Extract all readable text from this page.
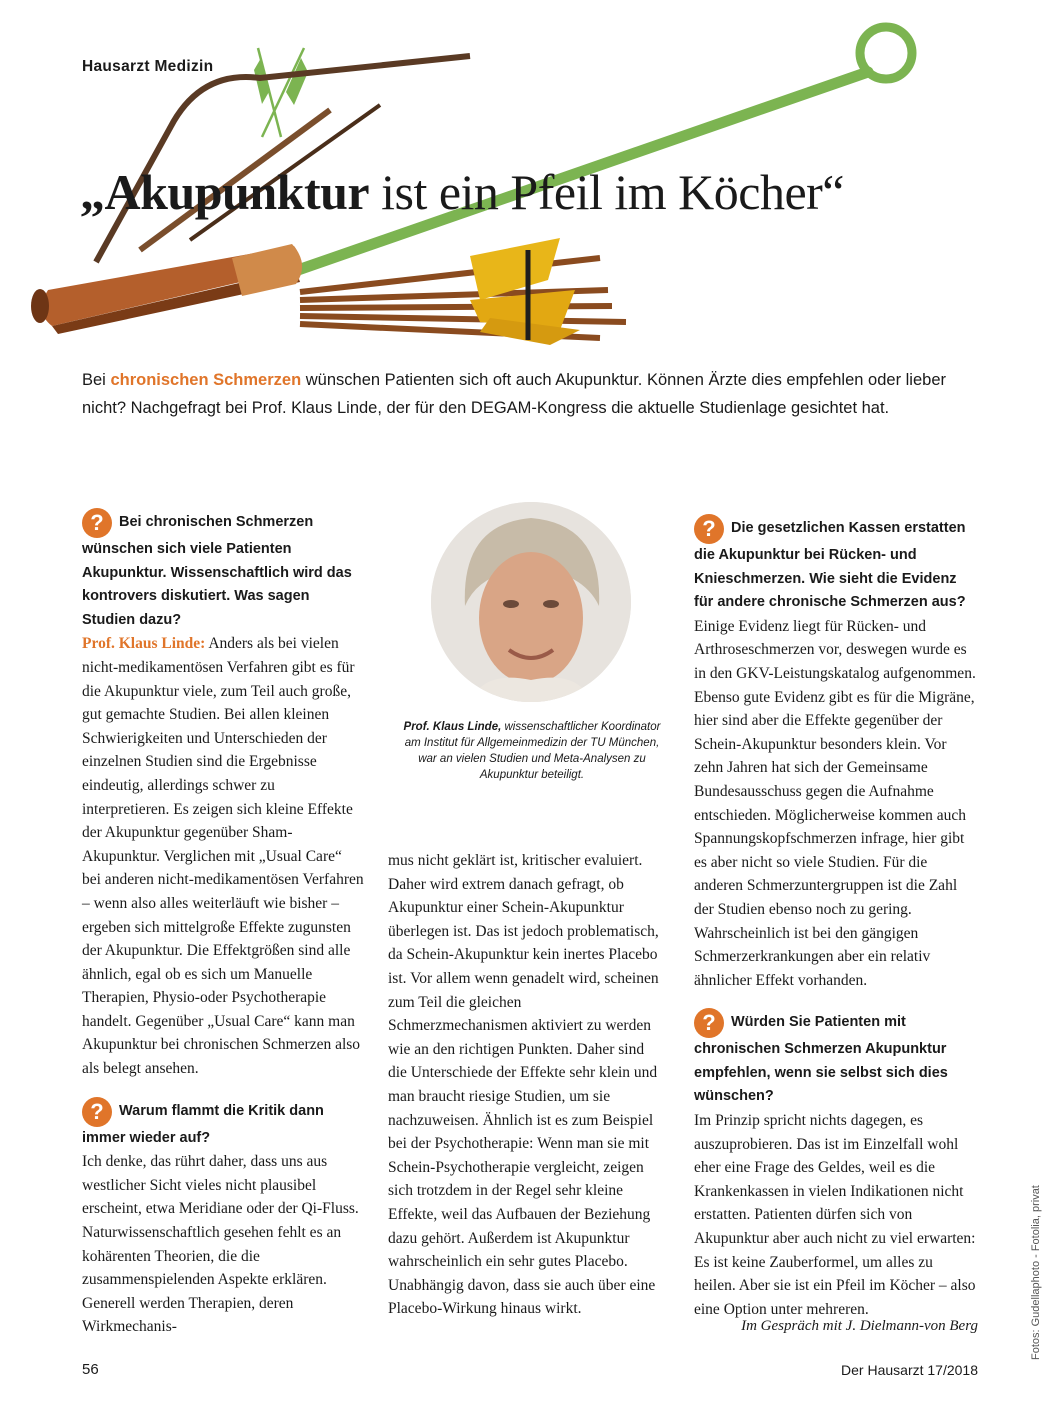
Hausarzt Medizin
„Akupunktur ist ein Pfeil im Köcher“
Bei chronischen Schmerzen wünschen Patienten sich oft auch Akupunktur. Können Ärzte dies empfehlen oder lieber nicht? Nachgefragt bei Prof. Klaus Linde, der für den DEGAM-Kongress die aktuelle Studienlage gesichtet hat.

? Bei chronischen Schmerzen wünschen sich viele Patienten Akupunktur. Wissenschaftlich wird das kontrovers diskutiert. Was sagen Studien dazu?

Prof. Klaus Linde: Anders als bei vielen nicht-medikamentösen Verfahren gibt es für die Akupunktur viele, zum Teil auch große, gut gemachte Studien. Bei allen kleinen Schwierigkeiten und Unterschieden der einzelnen Studien sind die Ergebnisse eindeutig, allerdings schwer zu interpretieren. Es zeigen sich kleine Effekte der Akupunktur gegenüber Sham-Akupunktur. Verglichen mit „Usual Care“ bei anderen nicht-medikamentösen Verfahren – wenn also alles weiterläuft wie bisher – ergeben sich mittelgroße Effekte zugunsten der Akupunktur. Die Effektgrößen sind alle ähnlich, egal ob es sich um Manuelle Therapien, Physio-oder Psychotherapie handelt. Gegenüber „Usual Care“ kann man Akupunktur bei chronischen Schmerzen also als belegt ansehen.

? Warum flammt die Kritik dann immer wieder auf?

Ich denke, das rührt daher, dass uns aus westlicher Sicht vieles nicht plausibel erscheint, etwa Meridiane oder der Qi-Fluss. Naturwissenschaftlich gesehen fehlt es an kohärenten Theorien, die die zusammenspielenden Aspekte erklären. Generell werden Therapien, deren Wirkmechanis-

Prof. Klaus Linde, wissenschaftlicher Koordinator am Institut für Allgemeinmedizin der TU München, war an vielen Studien und Meta-Analysen zu Akupunktur beteiligt.

mus nicht geklärt ist, kritischer evaluiert. Daher wird extrem danach gefragt, ob Akupunktur einer Schein-Akupunktur überlegen ist. Das ist jedoch problematisch, da Schein-Akupunktur kein inertes Placebo ist. Vor allem wenn genadelt wird, scheinen zum Teil die gleichen Schmerzmechanismen aktiviert zu werden wie an den richtigen Punkten. Daher sind die Unterschiede der Effekte sehr klein und man braucht riesige Studien, um sie nachzuweisen. Ähnlich ist es zum Beispiel bei der Psychotherapie: Wenn man sie mit Schein-Psychotherapie vergleicht, zeigen sich trotzdem in der Regel sehr kleine Effekte, weil das Aufbauen der Beziehung dazu gehört. Außerdem ist Akupunktur wahrscheinlich ein sehr gutes Placebo. Unabhängig davon, dass sie auch über eine Placebo-Wirkung hinaus wirkt.

? Die gesetzlichen Kassen erstatten die Akupunktur bei Rücken- und Knieschmerzen. Wie sieht die Evidenz für andere chronische Schmerzen aus?

Einige Evidenz liegt für Rücken- und Arthroseschmerzen vor, deswegen wurde es in den GKV-Leistungskatalog aufgenommen. Ebenso gute Evidenz gibt es für die Migräne, hier sind aber die Effekte gegenüber der Schein-Akupunktur besonders klein. Vor zehn Jahren hat sich der Gemeinsame Bundesausschuss gegen die Aufnahme entschieden. Möglicherweise kommen auch Spannungskopfschmerzen infrage, hier gibt es aber nicht so viele Studien. Für die anderen Schmerzuntergruppen ist die Zahl der Studien ebenso noch zu gering. Wahrscheinlich ist bei den gängigen Schmerzerkrankungen aber ein relativ ähnlicher Effekt vorhanden.

? Würden Sie Patienten mit chronischen Schmerzen Akupunktur empfehlen, wenn sie selbst sich dies wünschen?

Im Prinzip spricht nichts dagegen, es auszuprobieren. Das ist im Einzelfall wohl eher eine Frage des Geldes, weil es die Krankenkassen in vielen Indikationen nicht erstatten. Patienten dürfen sich von Akupunktur aber auch nicht zu viel erwarten: Es ist keine Zauberformel, um alles zu heilen. Aber sie ist ein Pfeil im Köcher – also eine Option unter mehreren.

Im Gespräch mit J. Dielmann-von Berg
56	Der Hausarzt 17/2018
Fotos: Gudellaphoto - Fotolia, privat
